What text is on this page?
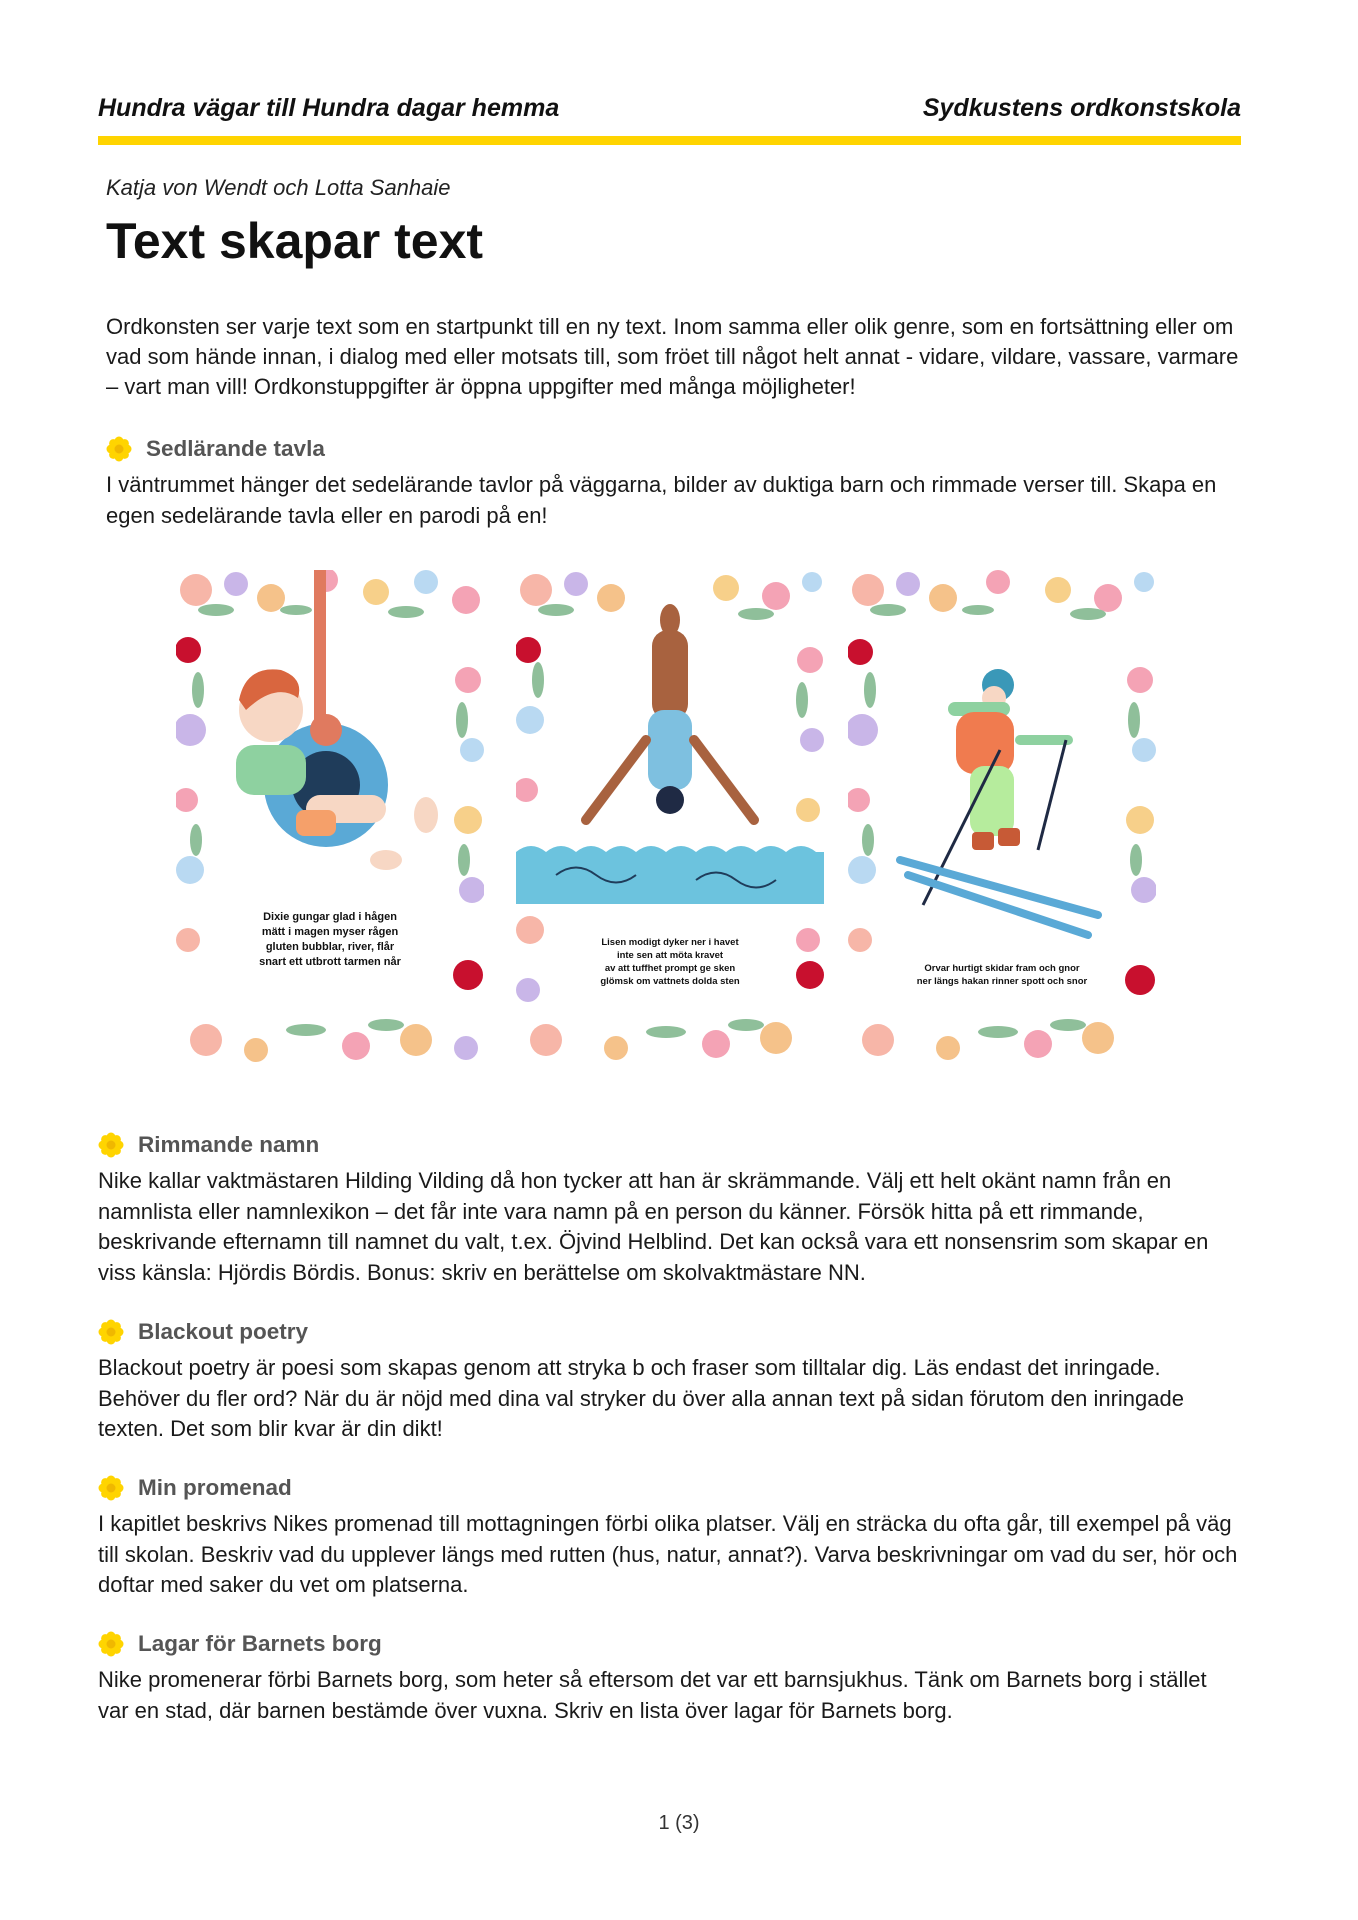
Hundra vägar till Hundra dagar hemma	Sydkustens ordkonstskola
Katja von Wendt och Lotta Sanhaie
Text skapar text
Ordkonsten ser varje text som en startpunkt till en ny text. Inom samma eller olik genre, som en fortsättning eller om vad som hände innan, i dialog med eller motsats till, som fröet till något helt annat - vidare, vildare, vassare, varmare – vart man vill! Ordkonstuppgifter är öppna uppgifter med många möjligheter!
Sedlärande tavla
I väntrummet hänger det sedelärande tavlor på väggarna, bilder av duktiga barn och rimmade verser till. Skapa en egen sedelärande tavla eller en parodi på en!
Dixie gungar glad i hågen
mätt i magen myser rågen
gluten bubblar, river, flår
snart ett utbrott tarmen når
Lisen modigt dyker ner i havet
inte sen att möta kravet
av att tuffhet prompt ge sken
glömsk om vattnets dolda sten
Orvar hurtigt skidar fram och gnor
ner längs hakan rinner spott och snor
Rimmande namn
Nike kallar vaktmästaren Hilding Vilding då hon tycker att han är skrämmande. Välj ett helt okänt namn från en namnlista eller namnlexikon – det får inte vara namn på en person du känner. Försök hitta på ett rimmande, beskrivande efternamn till namnet du valt, t.ex. Öjvind Helblind. Det kan också vara ett nonsensrim som skapar en viss känsla: Hjördis Bördis. Bonus: skriv en berättelse om skolvaktmästare NN.
Blackout poetry
Blackout poetry är poesi som skapas genom att stryka b och fraser som tilltalar dig. Läs endast det inringade. Behöver du fler ord? När du är nöjd med dina val stryker du över alla annan text på sidan förutom den inringade texten. Det som blir kvar är din dikt!
Min promenad
I kapitlet beskrivs Nikes promenad till mottagningen förbi olika platser. Välj en sträcka du ofta går, till exempel på väg till skolan. Beskriv vad du upplever längs med rutten (hus, natur, annat?). Varva beskrivningar om vad du ser, hör och doftar med saker du vet om platserna.
Lagar för Barnets borg
Nike promenerar förbi Barnets borg, som heter så eftersom det var ett barnsjukhus. Tänk om Barnets borg i stället var en stad, där barnen bestämde över vuxna. Skriv en lista över lagar för Barnets borg.
1 (3)
